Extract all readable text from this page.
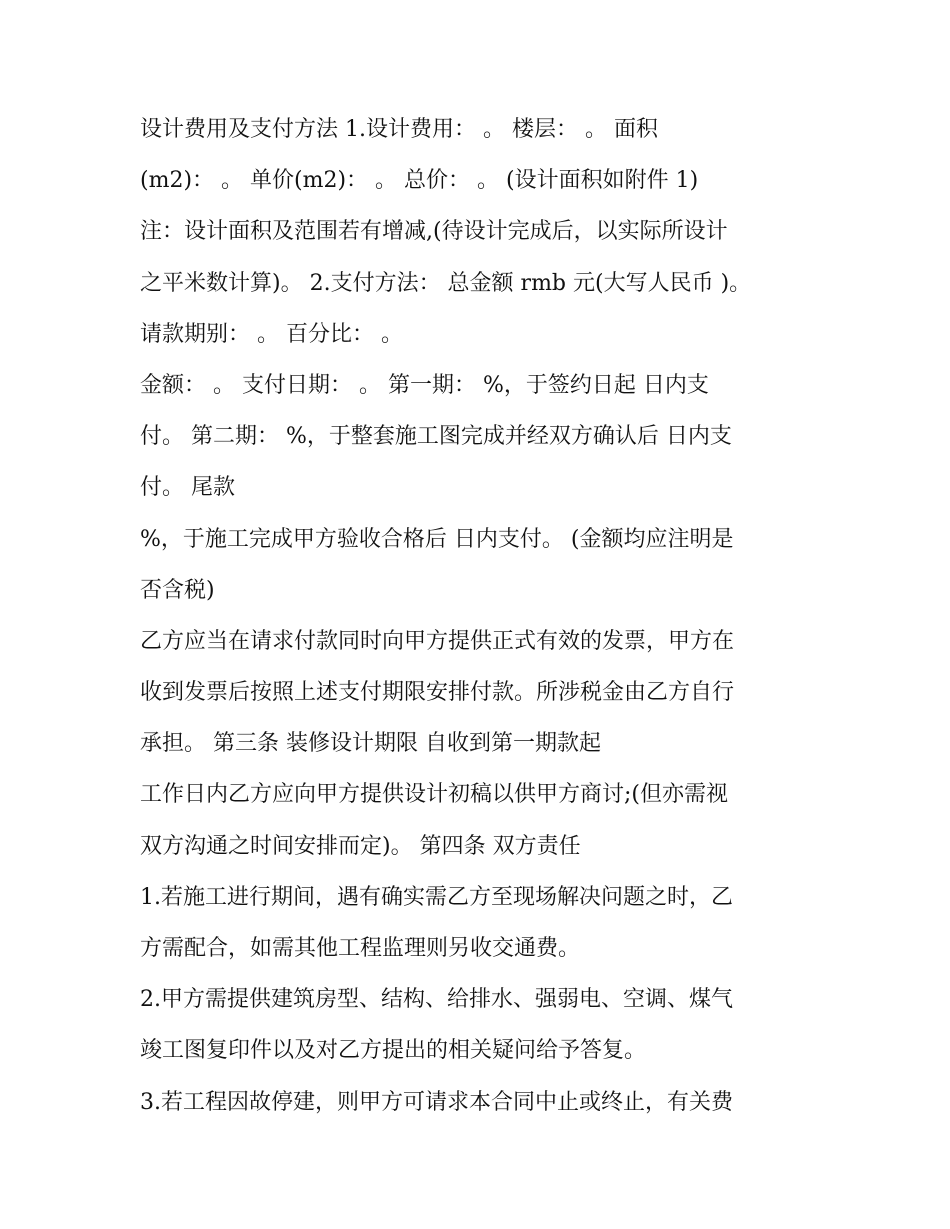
设计费用及支付方法 1.设计费用： 。 楼层： 。 面积
(m2)： 。 单价(m2)： 。 总价： 。 (设计面积如附件 1)
注：设计面积及范围若有增减,(待设计完成后，以实际所设计
之平米数计算)。 2.支付方法： 总金额 rmb 元(大写人民币 )。
请款期别： 。 百分比： 。
金额： 。 支付日期： 。 第一期： %，于签约日起 日内支
付。 第二期： %，于整套施工图完成并经双方确认后 日内支
付。 尾款
%，于施工完成甲方验收合格后 日内支付。 (金额均应注明是
否含税)
乙方应当在请求付款同时向甲方提供正式有效的发票，甲方在
收到发票后按照上述支付期限安排付款。所涉税金由乙方自行
承担。 第三条 装修设计期限 自收到第一期款起
工作日内乙方应向甲方提供设计初稿以供甲方商讨;(但亦需视
双方沟通之时间安排而定)。 第四条 双方责任
1.若施工进行期间，遇有确实需乙方至现场解决问题之时，乙
方需配合，如需其他工程监理则另收交通费。
2.甲方需提供建筑房型、结构、给排水、强弱电、空调、煤气
竣工图复印件以及对乙方提出的相关疑问给予答复。
3.若工程因故停建，则甲方可请求本合同中止或终止，有关费
